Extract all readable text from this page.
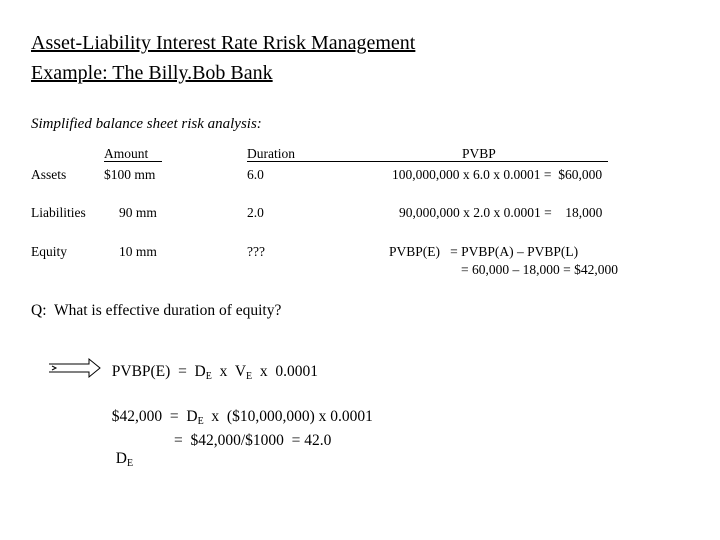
Asset-Liability Interest Rate Rrisk Management
Example: The Billy.Bob Bank
Simplified balance sheet risk analysis:
Amount	Duration	PVBP
Assets	$100 mm	6.0	100,000,000 x 6.0 x 0.0001 =  $60,000
Liabilities 90 mm	2.0	90,000,000 x 2.0 x 0.0001 =    18,000
Equity	10 mm	???	PVBP(E)   = PVBP(A) – PVBP(L)
= 60,000 – 18,000 = $42,000
Q:  What is effective duration of equity?

PVBP(E)  =  $D_E$  x  $V_E$  x  0.0001

$42,000  =  $D_E$  x  ($10,000,000) x 0.0001

$D_E$

=  $42,000/$1000  = 42.0
